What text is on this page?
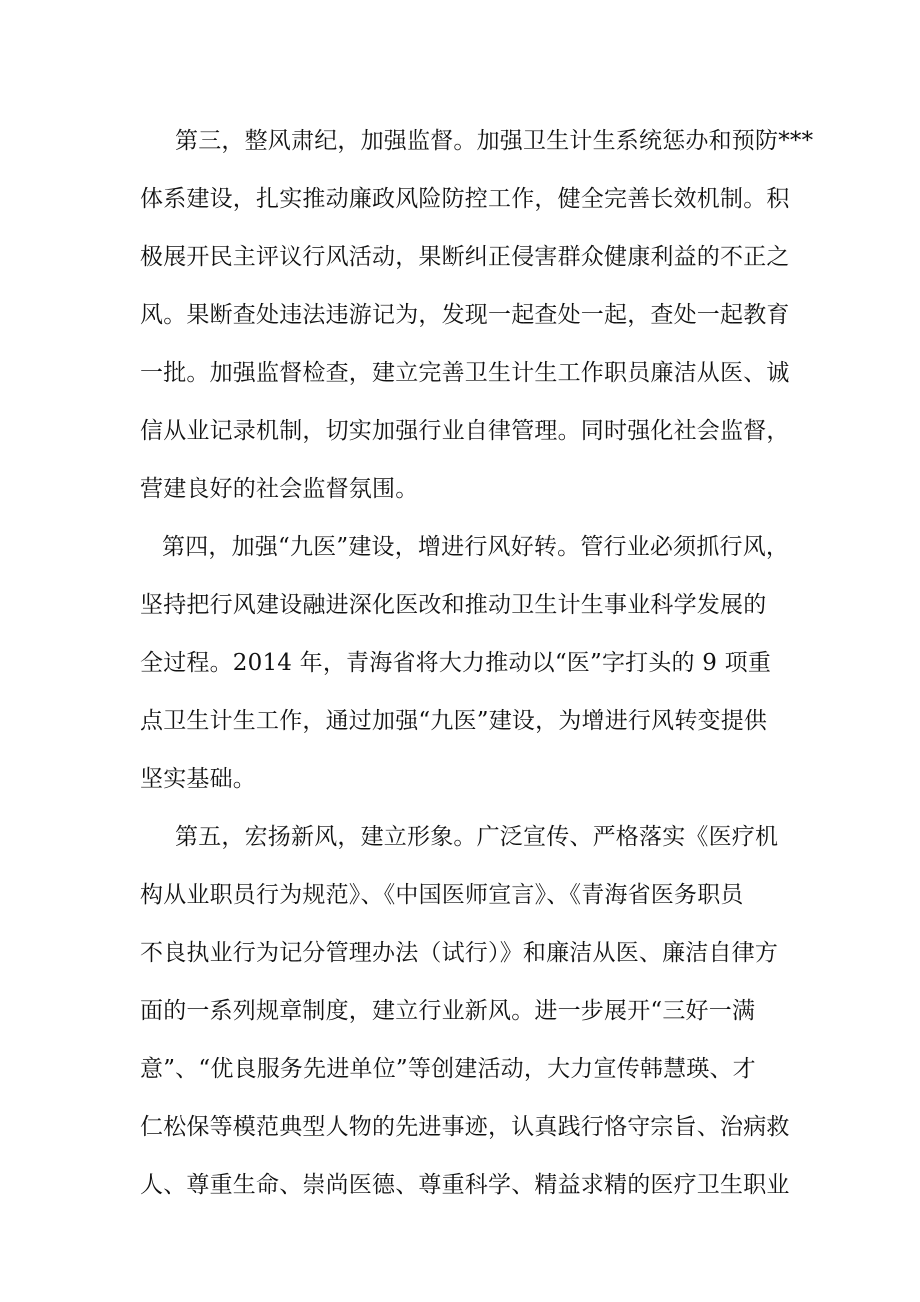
第三，整风肃纪，加强监督。加强卫生计生系统惩办和预防***
体系建设，扎实推动廉政风险防控工作，健全完善长效机制。积
极展开民主评议行风活动，果断纠正侵害群众健康利益的不正之
风。果断查处违法违游记为，发现一起查处一起，查处一起教育
一批。加强监督检查，建立完善卫生计生工作职员廉洁从医、诚
信从业记录机制，切实加强行业自律管理。同时强化社会监督，
营建良好的社会监督氛围。
第四，加强“九医”建设，增进行风好转。管行业必须抓行风，
坚持把行风建设融进深化医改和推动卫生计生事业科学发展的
全过程。2014 年，青海省将大力推动以“医”字打头的 9 项重
点卫生计生工作，通过加强“九医”建设，为增进行风转变提供
坚实基础。
第五，宏扬新风，建立形象。广泛宣传、严格落实《医疗机
构从业职员行为规范》、《中国医师宣言》、《青海省医务职员
不良执业行为记分管理办法（试行）》和廉洁从医、廉洁自律方
面的一系列规章制度，建立行业新风。进一步展开“三好一满
意”、“优良服务先进单位”等创建活动，大力宣传韩慧瑛、才
仁松保等模范典型人物的先进事迹，认真践行恪守宗旨、治病救
人、尊重生命、崇尚医德、尊重科学、精益求精的医疗卫生职业
